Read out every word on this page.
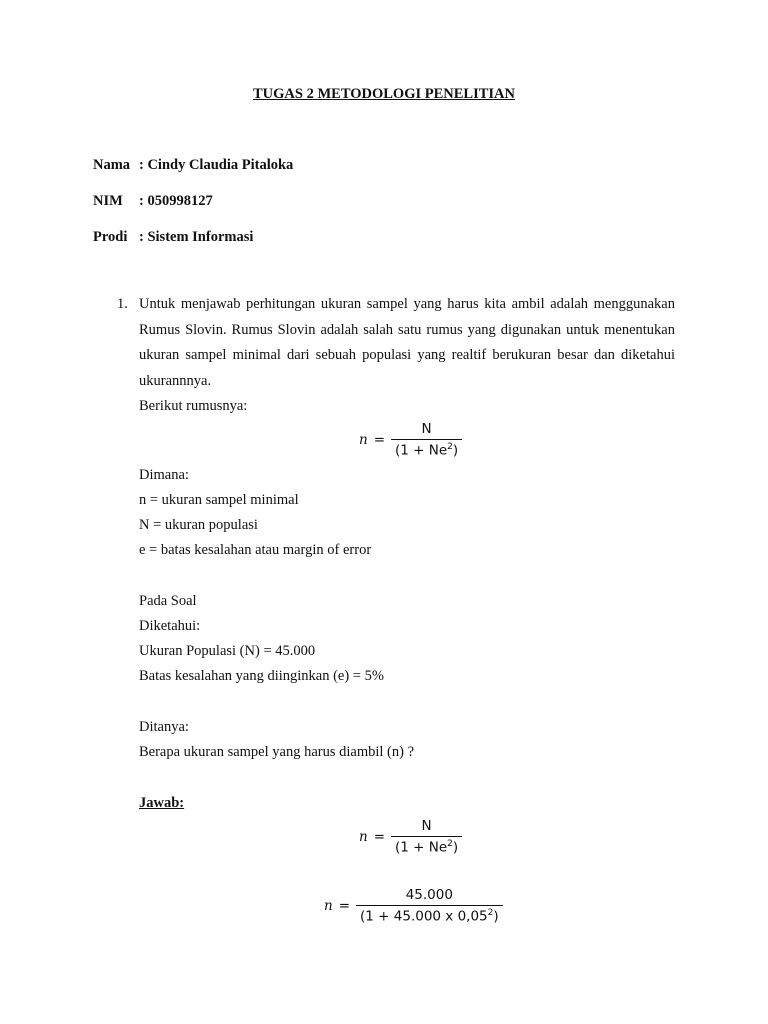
TUGAS 2 METODOLOGI PENELITIAN
Nama : Cindy Claudia Pitaloka
NIM : 050998127
Prodi : Sistem Informasi
1. Untuk menjawab perhitungan ukuran sampel yang harus kita ambil adalah menggunakan Rumus Slovin. Rumus Slovin adalah salah satu rumus yang digunakan untuk menentukan ukuran sampel minimal dari sebuah populasi yang realtif berukuran besar dan diketahui ukurannnya.
Berikut rumusnya:
$n = \frac{N}{(1 + Ne^2)}$
Dimana:
n = ukuran sampel minimal
N = ukuran populasi
e = batas kesalahan atau margin of error
Pada Soal
Diketahui:
Ukuran Populasi (N) = 45.000
Batas kesalahan yang diinginkan (e) = 5%
Ditanya:
Berapa ukuran sampel yang harus diambil (n) ?
Jawab:
$n = \frac{N}{(1 + Ne^2)}$
$n = \frac{45.000}{(1 + 45.000 x 0,05^2)}$
